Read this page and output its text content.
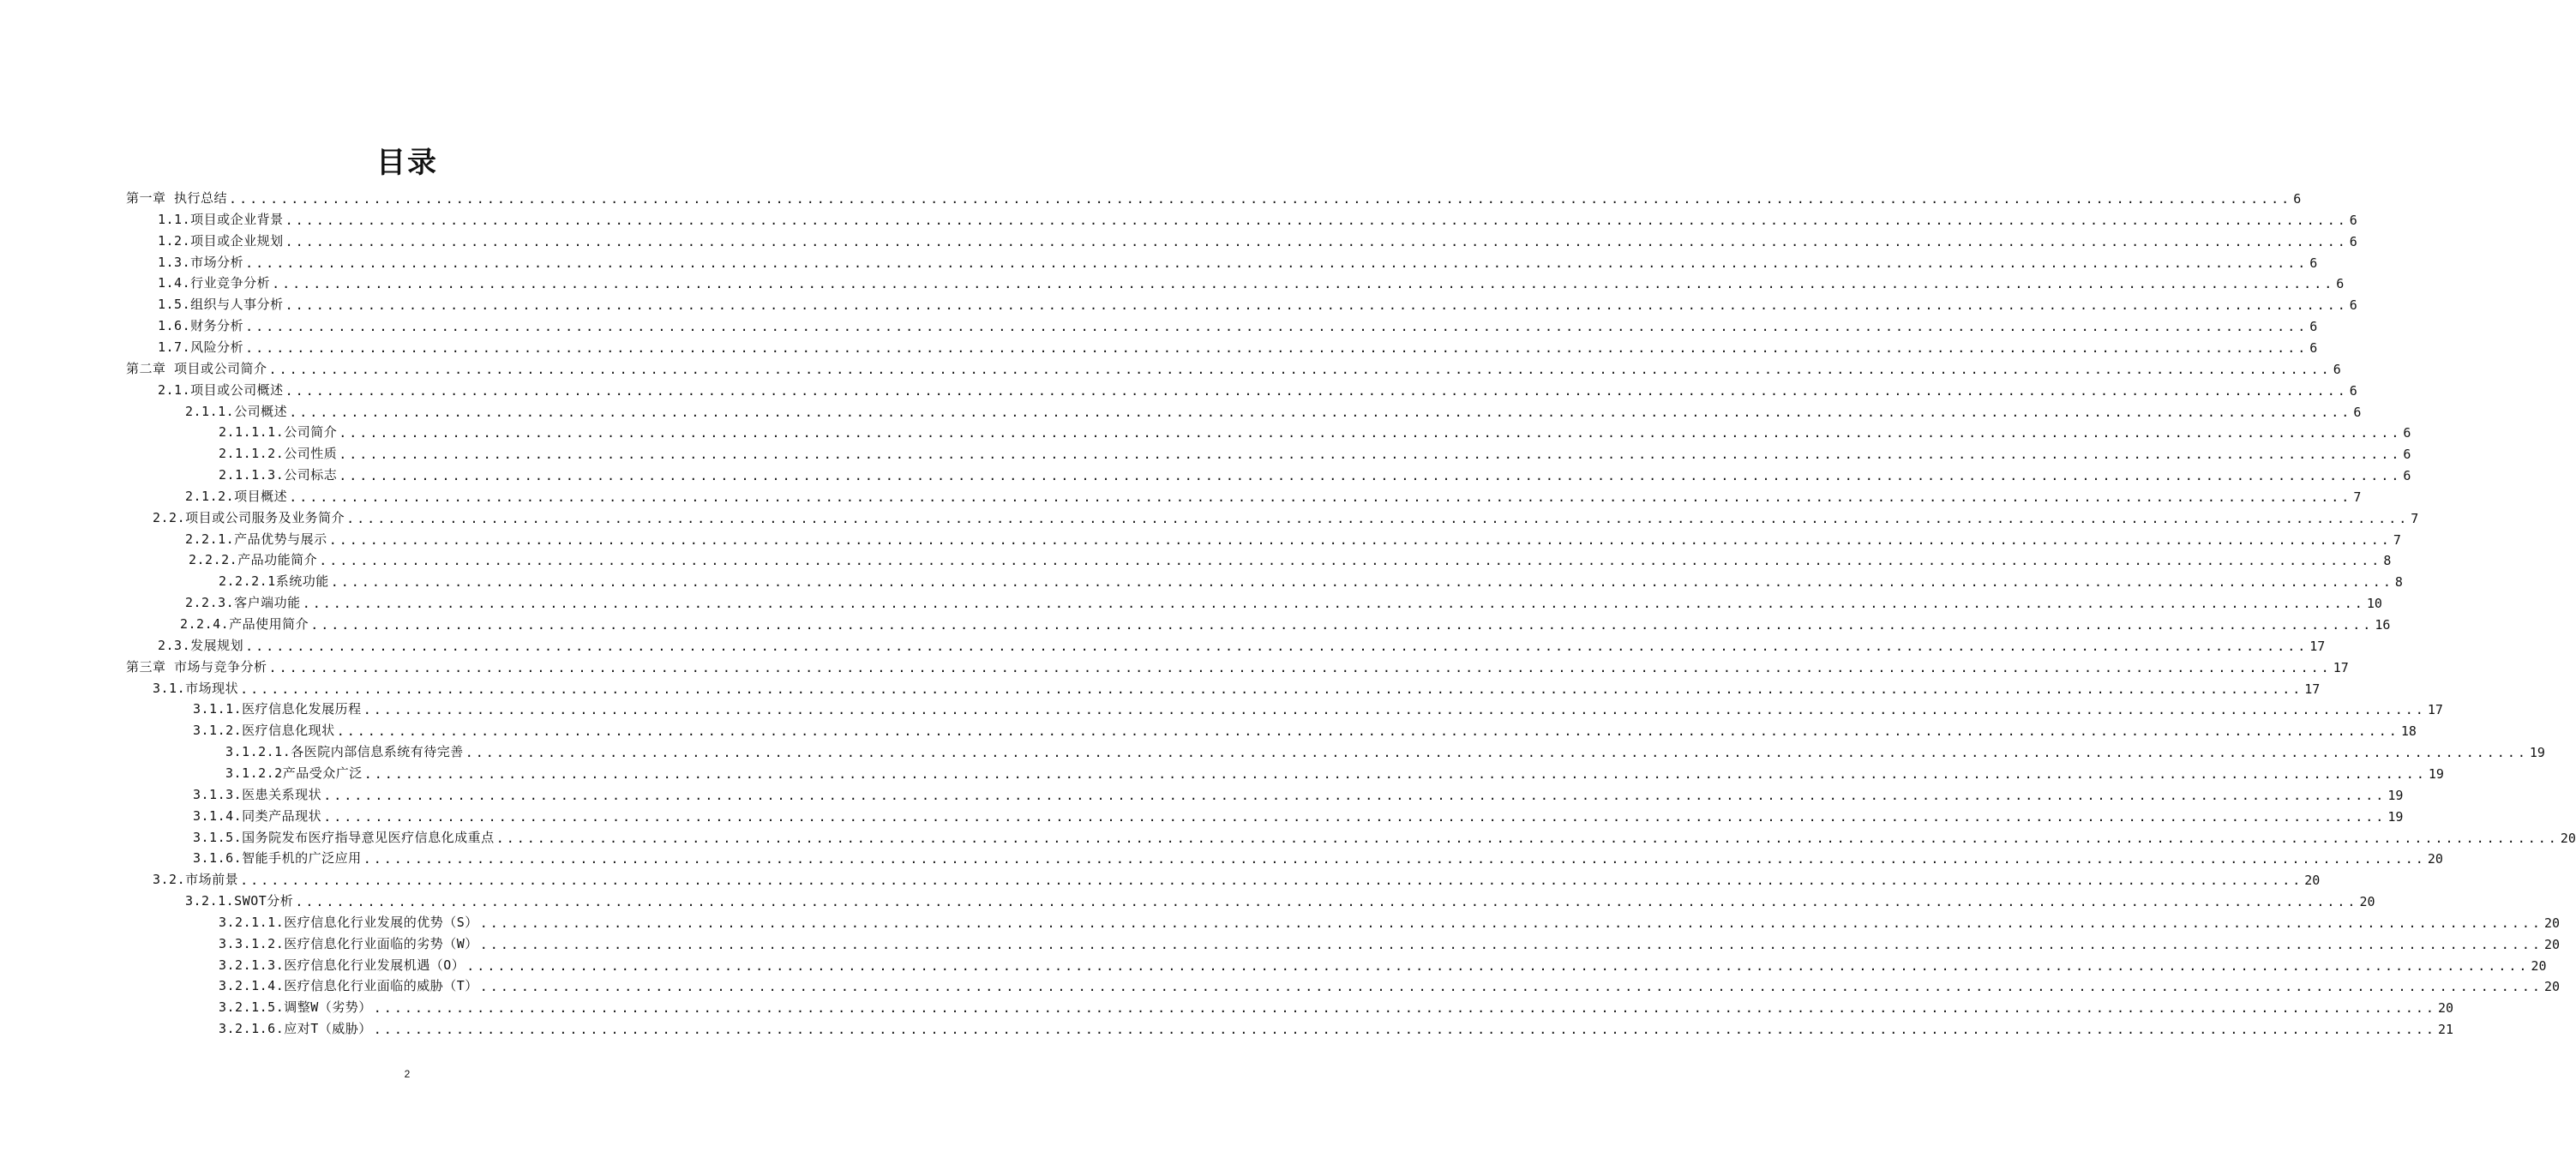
目录
第一章 执行总结 ........................................................................................................................................................................................................ 6
1.1.项目或企业背景 ........................................................................................................................................................................................................ 6
1.2.项目或企业规划 ........................................................................................................................................................................................................ 6
1.3.市场分析 ........................................................................................................................................................................................................ 6
1.4.行业竞争分析 ........................................................................................................................................................................................................ 6
1.5.组织与人事分析 ........................................................................................................................................................................................................ 6
1.6.财务分析 ........................................................................................................................................................................................................ 6
1.7.风险分析 ........................................................................................................................................................................................................ 6
第二章 项目或公司简介 ........................................................................................................................................................................................................ 6
2.1.项目或公司概述 ........................................................................................................................................................................................................ 6
2.1.1.公司概述 ........................................................................................................................................................................................................ 6
2.1.1.1.公司简介 ........................................................................................................................................................................................................ 6
2.1.1.2.公司性质 ........................................................................................................................................................................................................ 6
2.1.1.3.公司标志 ........................................................................................................................................................................................................ 6
2.1.2.项目概述 ........................................................................................................................................................................................................ 7
2.2.项目或公司服务及业务简介 ........................................................................................................................................................................................................ 7
2.2.1.产品优势与展示 ........................................................................................................................................................................................................ 7
2.2.2.产品功能简介 ........................................................................................................................................................................................................ 8
2.2.2.1系统功能 ........................................................................................................................................................................................................ 8
2.2.3.客户端功能 ........................................................................................................................................................................................................ 10
2.2.4.产品使用简介 ........................................................................................................................................................................................................ 16
2.3.发展规划 ........................................................................................................................................................................................................ 17
第三章 市场与竞争分析 ........................................................................................................................................................................................................ 17
3.1.市场现状 ........................................................................................................................................................................................................ 17
3.1.1.医疗信息化发展历程 ........................................................................................................................................................................................................ 17
3.1.2.医疗信息化现状 ........................................................................................................................................................................................................ 18
3.1.2.1.各医院内部信息系统有待完善 ........................................................................................................................................................................................................ 19
3.1.2.2产品受众广泛 ........................................................................................................................................................................................................ 19
3.1.3.医患关系现状 ........................................................................................................................................................................................................ 19
3.1.4.同类产品现状 ........................................................................................................................................................................................................ 19
3.1.5.国务院发布医疗指导意见医疗信息化成重点 ........................................................................................................................................................................................................ 20
3.1.6.智能手机的广泛应用 ........................................................................................................................................................................................................ 20
3.2.市场前景 ........................................................................................................................................................................................................ 20
3.2.1.SWOT分析 ........................................................................................................................................................................................................ 20
3.2.1.1.医疗信息化行业发展的优势（S） ........................................................................................................................................................................................................ 20
3.3.1.2.医疗信息化行业面临的劣势（W） ........................................................................................................................................................................................................ 20
3.2.1.3.医疗信息化行业发展机遇（O） ........................................................................................................................................................................................................ 20
3.2.1.4.医疗信息化行业面临的威胁（T） ........................................................................................................................................................................................................ 20
3.2.1.5.调整W（劣势） ........................................................................................................................................................................................................ 20
3.2.1.6.应对T（威胁） ........................................................................................................................................................................................................ 21
2
